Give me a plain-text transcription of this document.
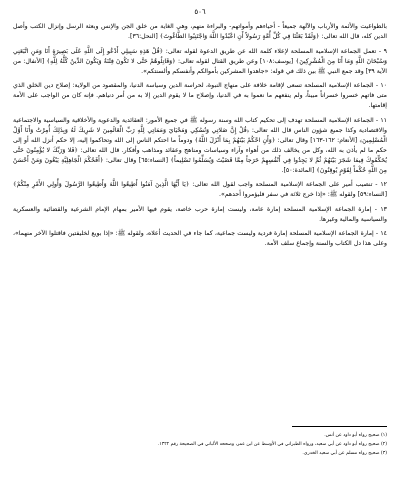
٥٠٦

بالطواغيت والأئمة والأرباب والآلهة جميعاً - أحياءهم وأمواتهم- والبراءة منهم، وهي الغاية من خلق الجن والإنس وبعثة الرسل وإنزال الكتب وأصل الدين كله، قال الله تعالى: ﴿وَلَقَدْ بَعَثْنَا فِي كُلِّ أُمَّةٍ رَسُولاً أَنِ اعْبُدُوا اللَّهَ وَاجْتَنِبُوا الطَّاغُوتَ﴾ [النحل:٣٦].

٩ - تعمل الجماعة الإسلامية المسلحة لإعلاء كلمة الله عن طريق الدعوة لقوله تعالى: ﴿قُلْ هَذِهِ سَبِيلِي أَدْعُو إِلَى اللَّهِ عَلَى بَصِيرَةٍ أَنَا وَمَنِ اتَّبَعَنِي وَسُبْحَانَ اللَّهِ وَمَا أَنَا مِنَ الْمُشْرِكِينَ﴾ [يوسف:١٠٨] وعن طريق القتال لقوله تعالى: ﴿وَقَاتِلُوهُمْ حَتَّى لا تَكُونَ فِتْنَةٌ وَيَكُونَ الدِّينُ كُلُّهُ لِلَّهِ﴾ [الأنفال: من الآية ٣٩] وقد جمع النبي ﷺ بين ذلك في قوله: «جاهدوا المشركين بأموالكم وأنفسكم وألسنتكم».

١٠ - الجماعة الإسلامية المسلحة تسعى لإقامة خلافة على منهاج النبوة، لحراسة الدين وسياسة الدنيا، والمقصود من الولاية: إصلاح دين الخلق الذي متى فاتهم خسروا خسراناً مبيناً، ولم ينفعهم ما نعموا به في الدنيا، وإصلاح ما لا يقوم الدين إلا به من أمر دنياهم. فإنه كان من الواجب على الأمة إقامتها.

١١ - الجماعة الإسلامية المسلحة تهدف إلى تحكيم كتاب الله وسنة رسوله ﷺ في جميع الأمور: العقائدية والدعوية والأخلاقية والسياسية والاجتماعية والاقتصادية وكذا جميع شؤون الناس قال الله تعالى: ﴿قُلْ إِنَّ صَلاتِي وَنُسُكِي وَمَحْيَايَ وَمَمَاتِي لِلَّهِ رَبِّ الْعَالَمِينَ لا شَرِيكَ لَهُ وَبِذَلِكَ أُمِرْتُ وَأَنَا أَوَّلُ الْمُسْلِمِينَ﴾ [الأنعام: ١٦٢-١٦٣] وقال تعالى: ﴿وَأَنِ احْكُمْ بَيْنَهُمْ بِمَا أَنْزَلَ اللَّهُ﴾ ودوماً ما احتكم الناس إلى الله وتحاكموا إليه، إلا حكم أنزل الله أو إلى حكم ما لم يأذن به الله، وكل من يخالف ذلك من أهواء وآراء وسياسات ومناهج وعقائد ومذاهب وأفكار. قال الله تعالى: ﴿فَلا وَرَبِّكَ لا يُؤْمِنُونَ حَتَّى يُحَكِّمُوكَ فِيمَا شَجَرَ بَيْنَهُمْ ثُمَّ لا يَجِدُوا فِي أَنْفُسِهِمْ حَرَجاً مِمَّا قَضَيْتَ وَيُسَلِّمُوا تَسْلِيماً﴾ [النساء:٦٥] وقال تعالى: ﴿أَفَحُكْمَ الْجَاهِلِيَّةِ يَبْغُونَ وَمَنْ أَحْسَنُ مِنَ اللَّهِ حُكْماً لِقَوْمٍ يُوقِنُونَ﴾ [المائدة:٥٠].

١٢ - تنصيب أمير على الجماعة الإسلامية المسلحة واجب لقول الله تعالى: ﴿يَا أَيُّهَا الَّذِينَ آمَنُوا أَطِيعُوا اللَّهَ وَأَطِيعُوا الرَّسُولَ وَأُولِي الأَمْرِ مِنْكُمْ﴾ [النساء:٥٩] ولقوله ﷺ: «إذا خرج ثلاثة في سفر فليؤمروا أحدهم».

١٣ - إمارة الجماعة الإسلامية المسلحة إمارة عامة، وليست إمارة حرب خاصة، يقوم فيها الأمير بمهام الإمام الشرعية والقضائية والعسكرية والسياسية والمالية وغيرها.

١٤ - إمارة الجماعة الإسلامية المسلحة إمارة فردية وليست جماعية، كما جاء في الحديث أعلاه، ولقوله ﷺ: «إذا بويع لخليفتين فاقتلوا الآخر منهما»، وعلى هذا دل الكتاب والسنة وإجماع سلف الأمة.

(١) صحيح رواه أبو داود عن أنس.

(٢) صحيح رواه أبو داود عن أبي سعيد، ورواه الطبراني في الأوسط عن ابن عمر، وصححه الألباني في الصحيحة رقم ١٣٢٢.

(٣) صحيح رواه مسلم عن أبي سعيد الخدري.
